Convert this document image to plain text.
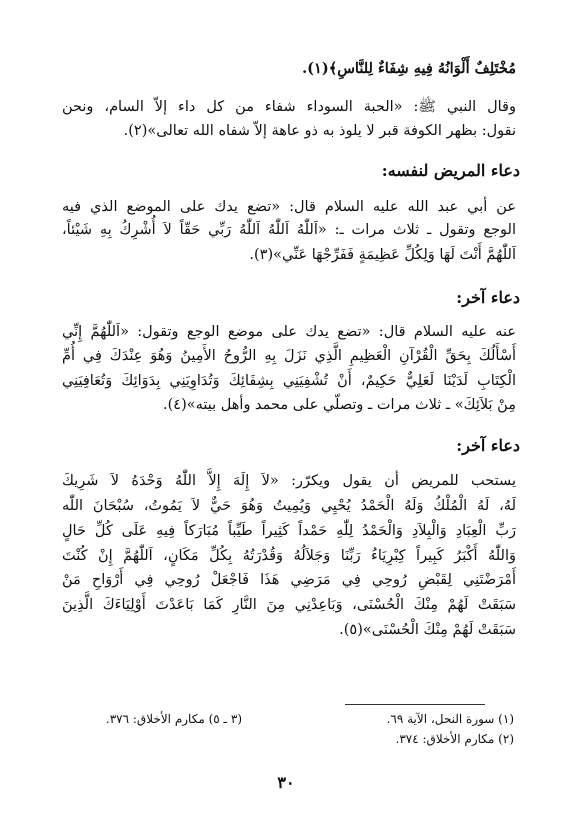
مُخْتَلِفٌ أَلْوَانُهُ فِيهِ شِفَاءٌ لِلنَّاسِ﴾(١).
وقال النبي ﷺ: «الحبة السوداء شفاء من كل داء إلاّ السام، ونحن
نقول: بظهر الكوفة قبر لا يلوذ به ذو عاهة إلاّ شفاه الله تعالى»(٢).
دعاء المريض لنفسه:
عن أبي عبد الله عليه السلام قال: «تضع يدك على الموضع الذي فيه
الوجع وتقول ـ ثلاث مرات ـ: «اَللّٰهُ اَللّٰهُ اَللّٰهُ رَبِّي حَقّاً لاَ أُشْرِكُ بِهِ شَيْئاً،
اَللّٰهُمَّ أَنْتَ لَهَا وَلِكُلِّ عَظِيمَةٍ فَفَرِّجْهَا عَنِّي»(٣).
دعاء آخر:
عنه عليه السلام قال: «تضع يدك على موضع الوجع وتقول: «اَللّٰهُمَّ إِنِّي
أَسْأَلُكَ بِحَقِّ الْقُرْآنِ الْعَظِيمِ الَّذِي نَزَلَ بِهِ الرُّوحُ الأَمِينُ وَهُوَ عِنْدَكَ فِي أُمِّ
الْكِتَابِ لَدَيْنَا لَعَلِيٌّ حَكِيمٌ، أَنْ تُشْفِيَنِي بِشِفَائِكَ وَتُدَاوِيَنِي بِدَوَائِكَ وَتُعَافِيَنِي
مِنْ بَلاَئِكَ» ـ ثلاث مرات ـ وتصلّي على محمد وأهل بيته»(٤).
دعاء آخر:
يستحب للمريض أن يقول ويكرّر: «لاَ إِلَهَ إِلاَّ اللّٰهُ وَحْدَهُ لاَ شَرِيكَ
لَهُ، لَهُ الْمُلْكُ وَلَهُ الْحَمْدُ يُحْيِي وَيُمِيتُ وَهُوَ حَيٌّ لاَ يَمُوتُ، سُبْحَانَ اللّٰه
رَبِّ الْعِبَادِ وَالْبِلاَدِ وَالْحَمْدُ لِلّٰهِ حَمْداً كَثِيراً طَيِّباً مُبَارَكاً فِيهِ عَلَى كُلِّ حَالٍ
وَاللّٰهُ أَكْبَرُ كَبِيراً كِبْرِيَاءُ رَبِّنَا وَجَلاَلُهُ وَقُدْرَتُهُ بِكُلِّ مَكَانٍ، اَللّٰهُمَّ إِنْ كُنْتَ
أَمْرَضْتَنِي لِقَبْضِ رُوحِي فِي مَرَضِي هَذَا فَاجْعَلْ رُوحِي فِي أَرْوَاحِ مَنْ
سَبَقَتْ لَهُمْ مِنْكَ الْحُسْنَى، وَبَاعِدْنِي مِنَ النَّارِ كَمَا بَاعَدْتَ أَوْلِيَاءَكَ الَّذِينَ
سَبَقَتْ لَهُمْ مِنْكَ الْحُسْنَى»(٥).
(١) سورة النحل، الآية ٦٩.
(٣ ـ ٥) مكارم الأخلاق: ٣٧٦.
(٢) مكارم الأخلاق: ٣٧٤.
٣٠
